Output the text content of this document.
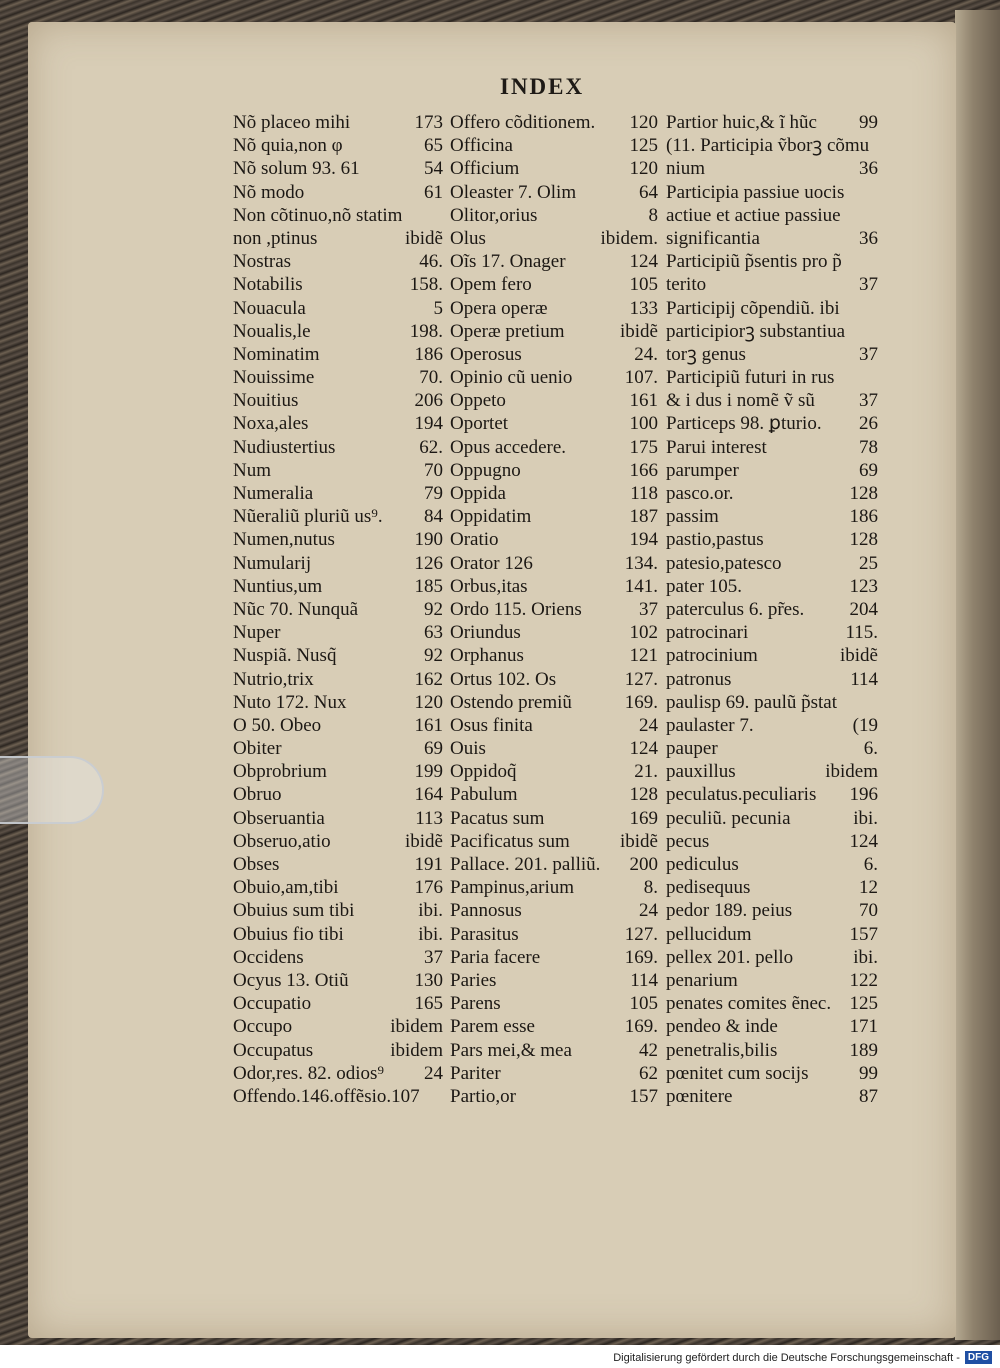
INDEX
Nõ placeo mihi	173
Nõ quia,non φ	65
Nõ solum 93. 61	54
Nõ modo	61
Non cõtinuo,nõ statim
non ,ptinus	ibidẽ
Nostras	46.
Notabilis	158.
Nouacula	5
Noualis,le	198.
Nominatim	186
Nouissime	70.
Nouitius	206
Noxa,ales	194
Nudiustertius	62.
Num	70
Numeralia	79
Nũeraliũ pluriũ us⁹. 84
Numen,nutus	190
Numularij	126
Nuntius,um	185
Nũc 70. Nunquã	92
Nuper	63
Nuspiã. Nusq̃	92
Nutrio,trix	162
Nuto 172. Nux	120
O 50. Obeo	161
Obiter	69
Obprobrium	199
Obruo	164
Obseruantia	113
Obseruo,atio	ibidẽ
Obses	191
Obuio,am,tibi	176
Obuius sum tibi	ibi.
Obuius fio tibi	ibi.
Occidens	37
Ocyus 13. Otiũ	130
Occupatio	165
Occupo	ibidem
Occupatus	ibidem
Odor,res. 82. odios⁹ 24
Offendo.146.offẽsio.107
Offero cõditionem. 120
Officina	125
Officium	120
Oleaster 7. Olim	64
Olitor,orius	8
Olus	ibidem.
Oĩs 17. Onager	124
Opem fero	105
Opera operæ	133
Operæ pretium	ibidẽ
Operosus	24.
Opinio cũ uenio	107.
Oppeto	161
Oportet	100
Opus accedere.	175
Oppugno	166
Oppida	118
Oppidatim	187
Oratio	194
Orator 126	134.
Orbus,itas	141.
Ordo 115. Oriens	37
Oriundus	102
Orphanus	121
Ortus 102. Os	127.
Ostendo premiũ	169.
Osus finita	24
Ouis	124
Oppidoq̃	21.
Pabulum	128
Pacatus sum	169
Pacificatus sum	ibidẽ
Pallace. 201. palliũ. 200
Pampinus,arium	8.
Pannosus	24
Parasitus	127.
Paria facere	169.
Paries	114
Parens	105
Parem esse	169.
Pars mei,& mea	42
Pariter	62
Partio,or	157
Partior huic,& ĩ hũc 99
(11. Participia ṽborꝫ cõmu
nium	36
Participia passiue uocis
actiue et actiue passiue
significantia	36
Participiũ p̃sentis pro p̃
terito	37
Participij cõpendiũ. ibi
participiorꝫ substantiua
torꝫ genus	37
Participiũ futuri in rus
& i dus i nomẽ ṽ sũ 37
Particeps 98. ꝑturio. 26
Parui interest	78
parumper	69
pasco.or.	128
passim	186
pastio,pastus	128
patesio,patesco	25
pater 105.	123
paterculus 6. pr̃es. 204
patrocinari	115.
patrocinium	ibidẽ
patronus	114
paulisp 69. paulũ p̃stat
paulaster 7.	(19
pauper	6.
pauxillus	ibidem
peculatus.peculiaris 196
peculiũ. pecunia	ibi.
pecus	124
pediculus	6.
pedisequus	12
pedor 189. peius	70
pellucidum	157
pellex 201. pello	ibi.
penarium	122
penates comites ẽnec. 125
pendeo & inde	171
penetralis,bilis	189
pœnitet cum socijs	99
pœnitere	87
Digitalisierung gefördert durch die Deutsche Forschungsgemeinschaft - DFG
